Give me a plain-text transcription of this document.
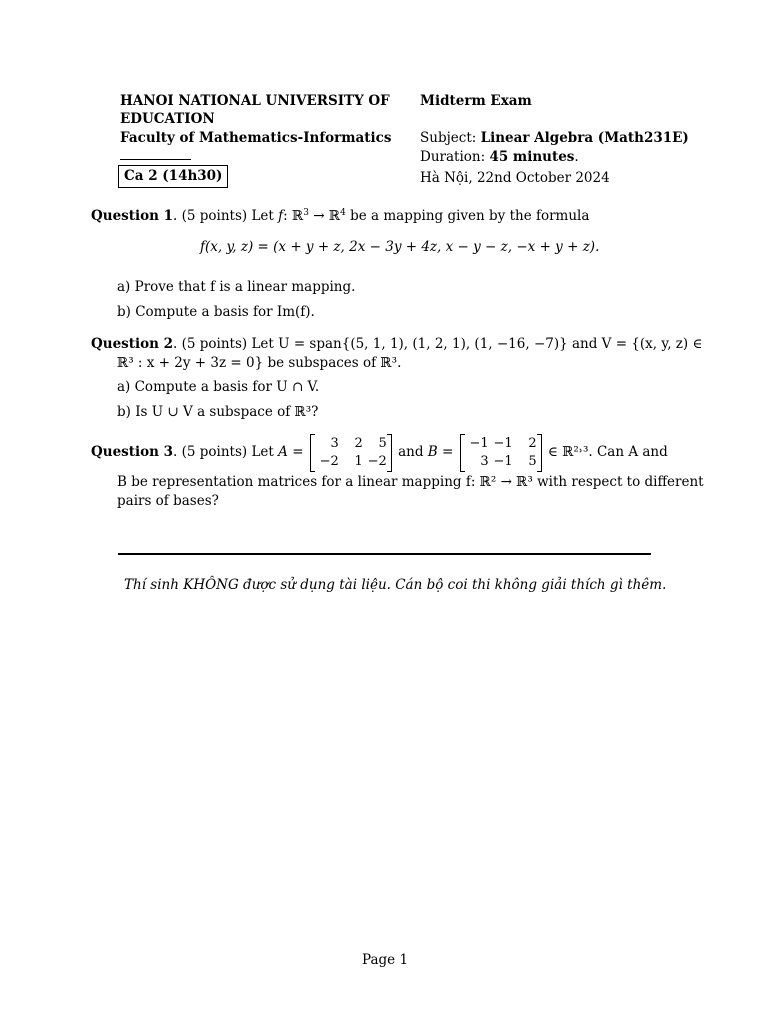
HANOI NATIONAL UNIVERSITY OF
EDUCATION
Faculty of Mathematics-Informatics
Ca 2 (14h30)
Midterm Exam
Subject: Linear Algebra (Math231E)
Duration: 45 minutes.
Hà Nội, 22nd October 2024
Question 1. (5 points) Let f: ℝ$^3$ → ℝ$^4$ be a mapping given by the formula
f(x, y, z) = (x + y + z, 2x − 3y + 4z, x − y − z, −x + y + z).
a) Prove that f is a linear mapping.
b) Compute a basis for Im(f).
Question 2. (5 points) Let U = span{(5, 1, 1), (1, 2, 1), (1, −16, −7)} and V = {(x, y, z) ∈
ℝ³ : x + 2y + 3z = 0} be subspaces of ℝ³.
a) Compute a basis for U ∩ V.
b) Is U ∪ V a subspace of ℝ³?
Question 3. (5 points) Let A =
3 2 5
−2 1 −2
and B =
−1 −1 2
3 −1 5
∈ ℝ²˒³. Can A and
B be representation matrices for a linear mapping f: ℝ² → ℝ³ with respect to different
pairs of bases?
Thí sinh KHÔNG được sử dụng tài liệu. Cán bộ coi thi không giải thích gì thêm.
Page 1
